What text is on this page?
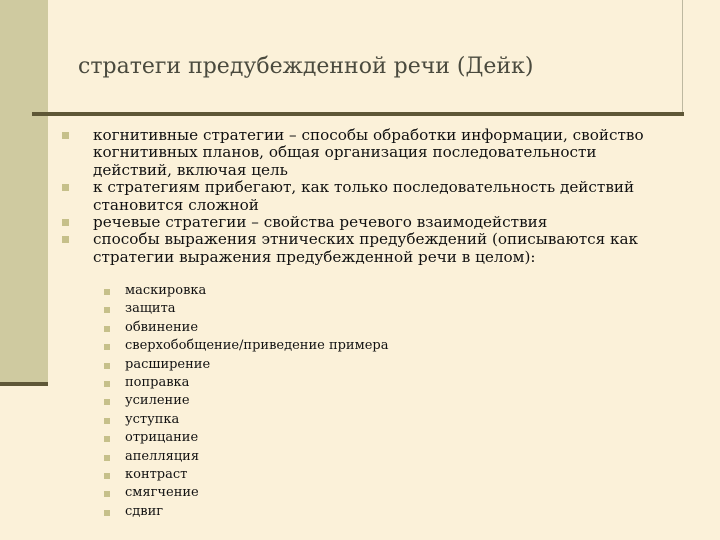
стратеги предубежденной речи (Дейк)
когнитивные стратегии – способы обработки информации, свойство когнитивных планов, общая организация последовательности действий, включая цель
к стратегиям прибегают, как только последовательность действий становится сложной
речевые стратегии – свойства речевого взаимодействия
способы выражения этнических предубеждений (описываются как стратегии выражения предубежденной речи в целом):
маскировка
защита
обвинение
сверхобобщение/приведение примера
расширение
поправка
усиление
уступка
отрицание
апелляция
контраст
смягчение
сдвиг
